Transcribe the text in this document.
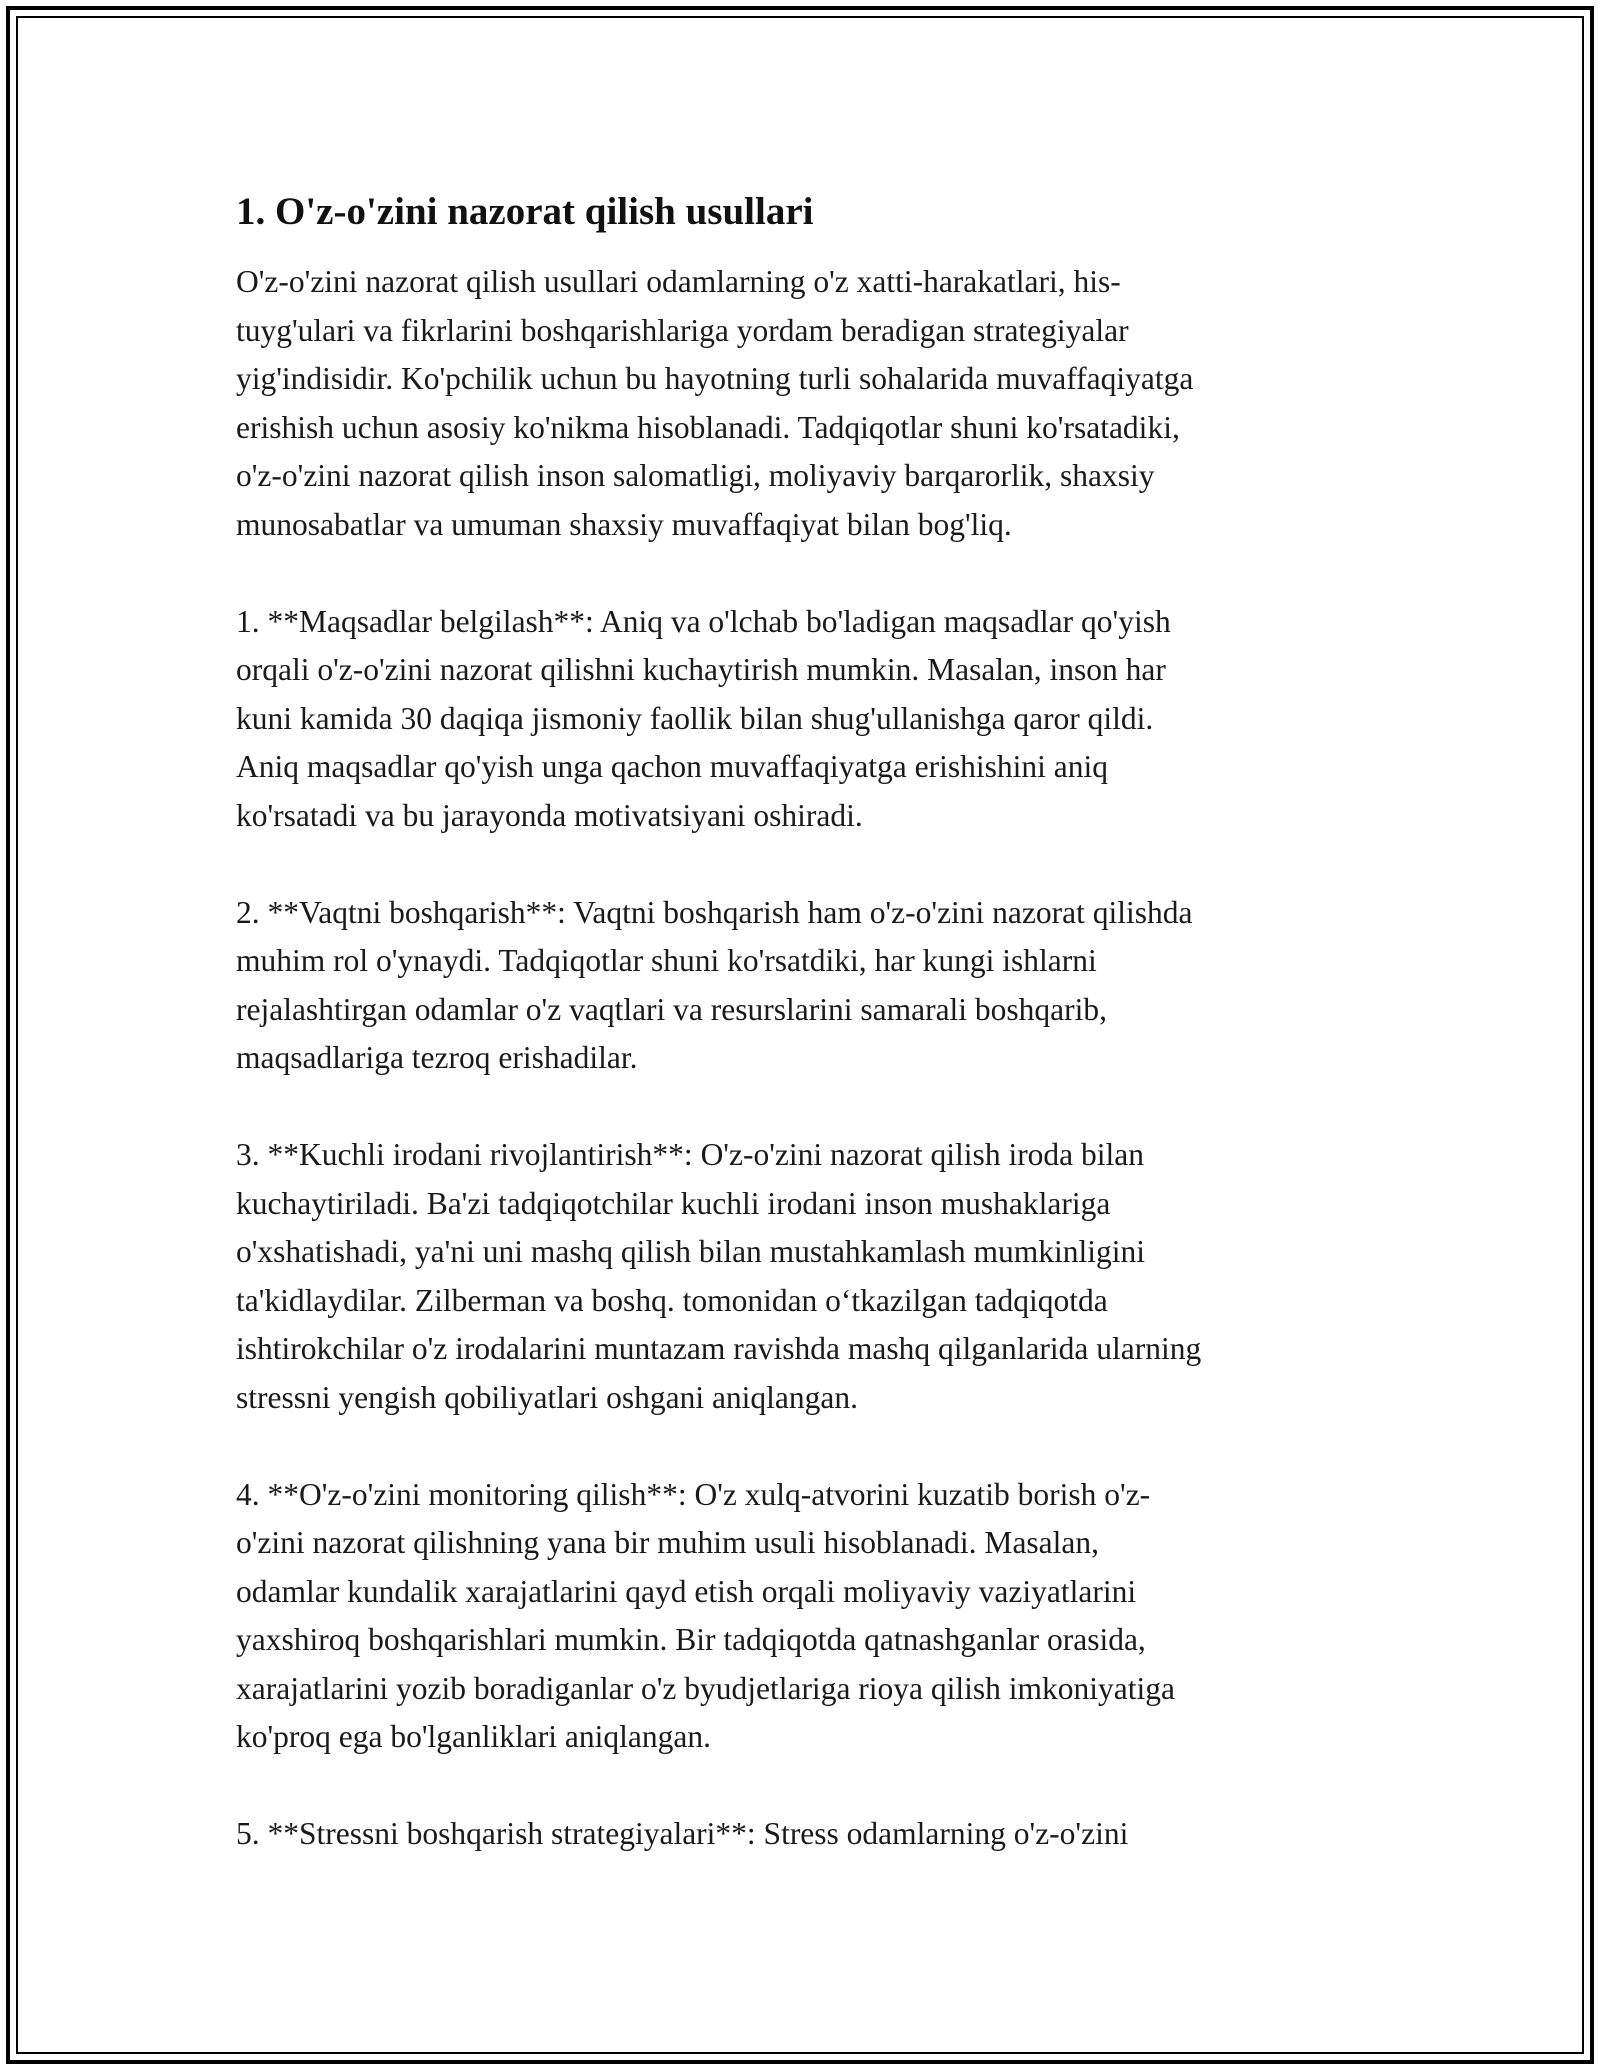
1. O'z-o'zini nazorat qilish usullari

O'z-o'zini nazorat qilish usullari odamlarning o'z xatti-harakatlari, his-
tuyg'ulari va fikrlarini boshqarishlariga yordam beradigan strategiyalar
yig'indisidir. Ko'pchilik uchun bu hayotning turli sohalarida muvaffaqiyatga
erishish uchun asosiy ko'nikma hisoblanadi. Tadqiqotlar shuni ko'rsatadiki,
o'z-o'zini nazorat qilish inson salomatligi, moliyaviy barqarorlik, shaxsiy
munosabatlar va umuman shaxsiy muvaffaqiyat bilan bog'liq.

1. **Maqsadlar belgilash**: Aniq va o'lchab bo'ladigan maqsadlar qo'yish
orqali o'z-o'zini nazorat qilishni kuchaytirish mumkin. Masalan, inson har
kuni kamida 30 daqiqa jismoniy faollik bilan shug'ullanishga qaror qildi.
Aniq maqsadlar qo'yish unga qachon muvaffaqiyatga erishishini aniq
ko'rsatadi va bu jarayonda motivatsiyani oshiradi.

2. **Vaqtni boshqarish**: Vaqtni boshqarish ham o'z-o'zini nazorat qilishda
muhim rol o'ynaydi. Tadqiqotlar shuni ko'rsatdiki, har kungi ishlarni
rejalashtirgan odamlar o'z vaqtlari va resurslarini samarali boshqarib,
maqsadlariga tezroq erishadilar.

3. **Kuchli irodani rivojlantirish**: O'z-o'zini nazorat qilish iroda bilan
kuchaytiriladi. Ba'zi tadqiqotchilar kuchli irodani inson mushaklariga
o'xshatishadi, ya'ni uni mashq qilish bilan mustahkamlash mumkinligini
ta'kidlaydilar. Zilberman va boshq. tomonidan o‘tkazilgan tadqiqotda
ishtirokchilar o'z irodalarini muntazam ravishda mashq qilganlarida ularning
stressni yengish qobiliyatlari oshgani aniqlangan.

4. **O'z-o'zini monitoring qilish**: O'z xulq-atvorini kuzatib borish o'z-
o'zini nazorat qilishning yana bir muhim usuli hisoblanadi. Masalan,
odamlar kundalik xarajatlarini qayd etish orqali moliyaviy vaziyatlarini
yaxshiroq boshqarishlari mumkin. Bir tadqiqotda qatnashganlar orasida,
xarajatlarini yozib boradiganlar o'z byudjetlariga rioya qilish imkoniyatiga
ko'proq ega bo'lganliklari aniqlangan.

5. **Stressni boshqarish strategiyalari**: Stress odamlarning o'z-o'zini
